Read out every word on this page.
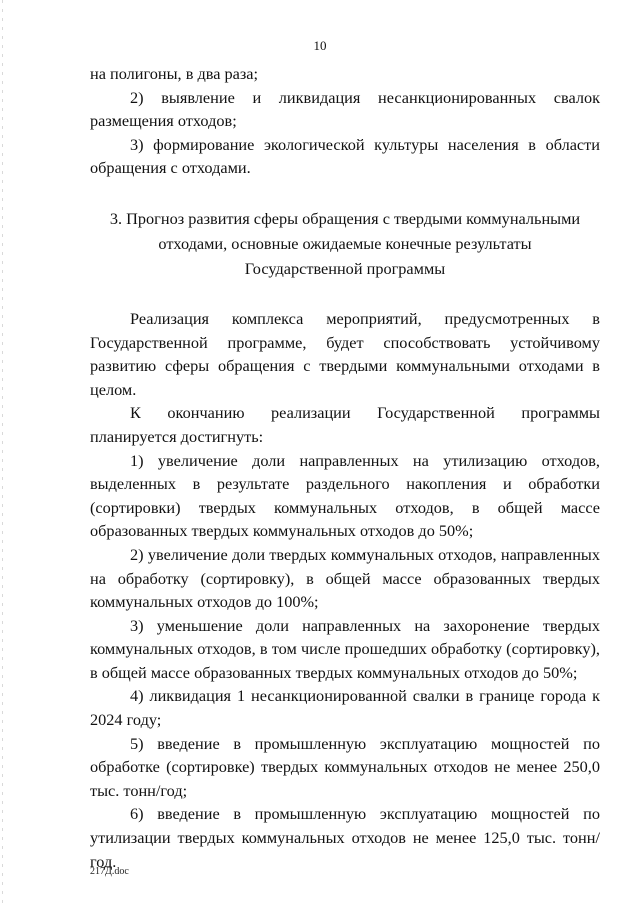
10

на полигоны, в два раза;

2) выявление и ликвидация несанкционированных свалок размещения отходов;

3) формирование экологической культуры населения в области обращения с отходами.

3. Прогноз развития сферы обращения с твердыми коммунальными отходами, основные ожидаемые конечные результаты Государственной программы

Реализация комплекса мероприятий, предусмотренных в Государственной программе, будет способствовать устойчивому развитию сферы обращения с твердыми коммунальными отходами в целом.

К окончанию реализации Государственной программы планируется достигнуть:

1) увеличение доли направленных на утилизацию отходов, выделенных в результате раздельного накопления и обработки (сортировки) твердых коммунальных отходов, в общей массе образованных твердых коммунальных отходов до 50%;

2) увеличение доли твердых коммунальных отходов, направленных на обработку (сортировку), в общей массе образованных твердых коммунальных отходов до 100%;

3) уменьшение доли направленных на захоронение твердых коммунальных отходов, в том числе прошедших обработку (сортировку), в общей массе образованных твердых коммунальных отходов до 50%;

4) ликвидация 1 несанкционированной свалки в границе города к 2024 году;

5) введение в промышленную эксплуатацию мощностей по обработке (сортировке) твердых коммунальных отходов не менее 250,0 тыс. тонн/год;

6) введение в промышленную эксплуатацию мощностей по утилизации твердых коммунальных отходов не менее 125,0 тыс. тонн/год.

217Д.doc
